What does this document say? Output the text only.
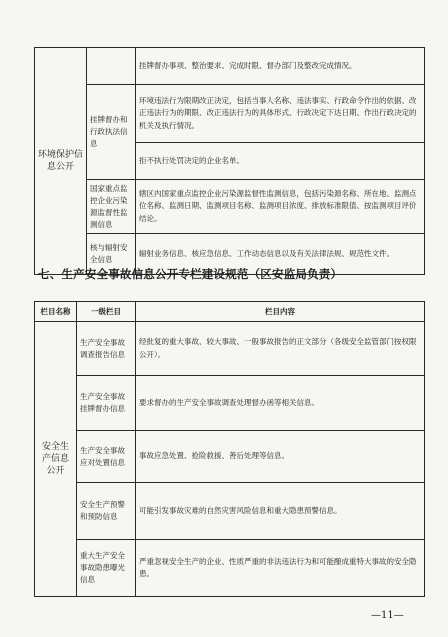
环境保护信息公开		挂牌督办事项、整治要求、完成时限、督办部门及整改完成情况。
	挂牌督办和行政执法信息	环境违法行为限期改正决定，包括当事人名称、违法事实、行政命令作出的依据、改正违法行为的期限、改正违法行为的具体形式、行政决定下达日期、作出行政决定的机关及执行情况。
		拒不执行处罚决定的企业名单。
	国家重点监控企业污染源监督性监测信息	辖区内国家重点监控企业污染源监督性监测信息，包括污染源名称、所在地、监测点位名称、监测日期、监测项目名称、监测项目浓度、排放标准限值、按监测项目评价结论。
	核与辐射安全信息	辐射业务信息、核应急信息、工作动态信息以及有关法律法规、规范性文件。
七、生产安全事故信息公开专栏建设规范（区安监局负责）
栏目名称	一级栏目	栏目内容
安全生产信息公开	生产安全事故调查报告信息	经批复的重大事故、较大事故、一般事故报告的正文部分（各级安全监管部门按权限公开）。
	生产安全事故挂牌督办信息	要求督办的生产安全事故调查处理督办函等相关信息。
	生产安全事故应对处置信息	事故应急处置、抢险救援、善后处理等信息。
	安全生产预警和预防信息	可能引发事故灾难的自然灾害风险信息和重大隐患预警信息。
	重大生产安全事故隐患曝光信息	严重忽视安全生产的企业、性质严重的非法违法行为和可能酿成重特大事故的安全隐患。
—11—
